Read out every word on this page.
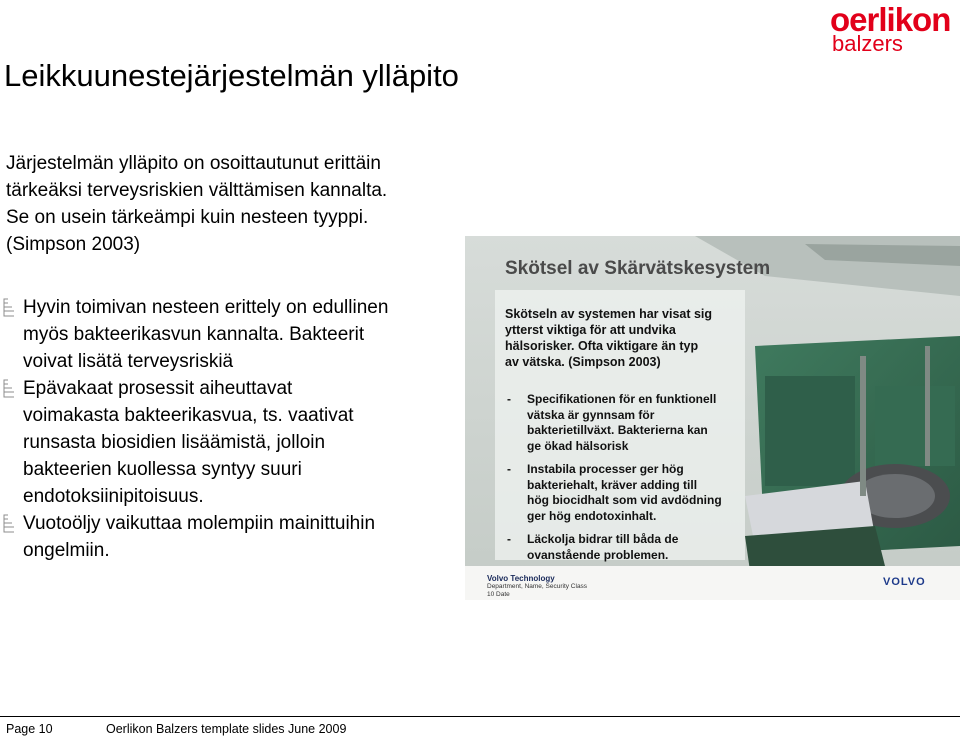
oerlikon
balzers
Leikkuunestejärjestelmän ylläpito

Järjestelmän ylläpito on osoittautunut erittäin

tärkeäksi terveysriskien välttämisen kannalta.

Se on usein tärkeämpi kuin nesteen tyyppi.

(Simpson 2003)

Hyvin toimivan nesteen erittely on edullinen
myös bakteerikasvun kannalta. Bakteerit
voivat lisätä terveysriskiä
Epävakaat prosessit aiheuttavat
voimakasta bakteerikasvua, ts. vaativat
runsasta biosidien lisäämistä, jolloin
bakteerien kuollessa syntyy suuri
endotoksiinipitoisuus.
Vuotoöljy vaikuttaa molempiin mainittuihin
ongelmiin.
Skötsel av Skärvätskesystem
Skötseln av systemen har visat sig
ytterst viktiga för att undvika
hälsorisker. Ofta viktigare än typ
av vätska. (Simpson 2003)
- Specifikationen för en funktionell
vätska är gynnsam för
bakterietillväxt. Bakterierna kan
ge ökad hälsorisk
- Instabila processer ger hög
bakteriehalt, kräver adding till
hög biocidhalt som vid avdödning
ger hög endotoxinhalt.
- Läckolja bidrar till båda de
ovanstående problemen.
Volvo Technology
Department, Name, Security Class
10 Date
VOLVO
Page 10	Oerlikon Balzers template slides June 2009
